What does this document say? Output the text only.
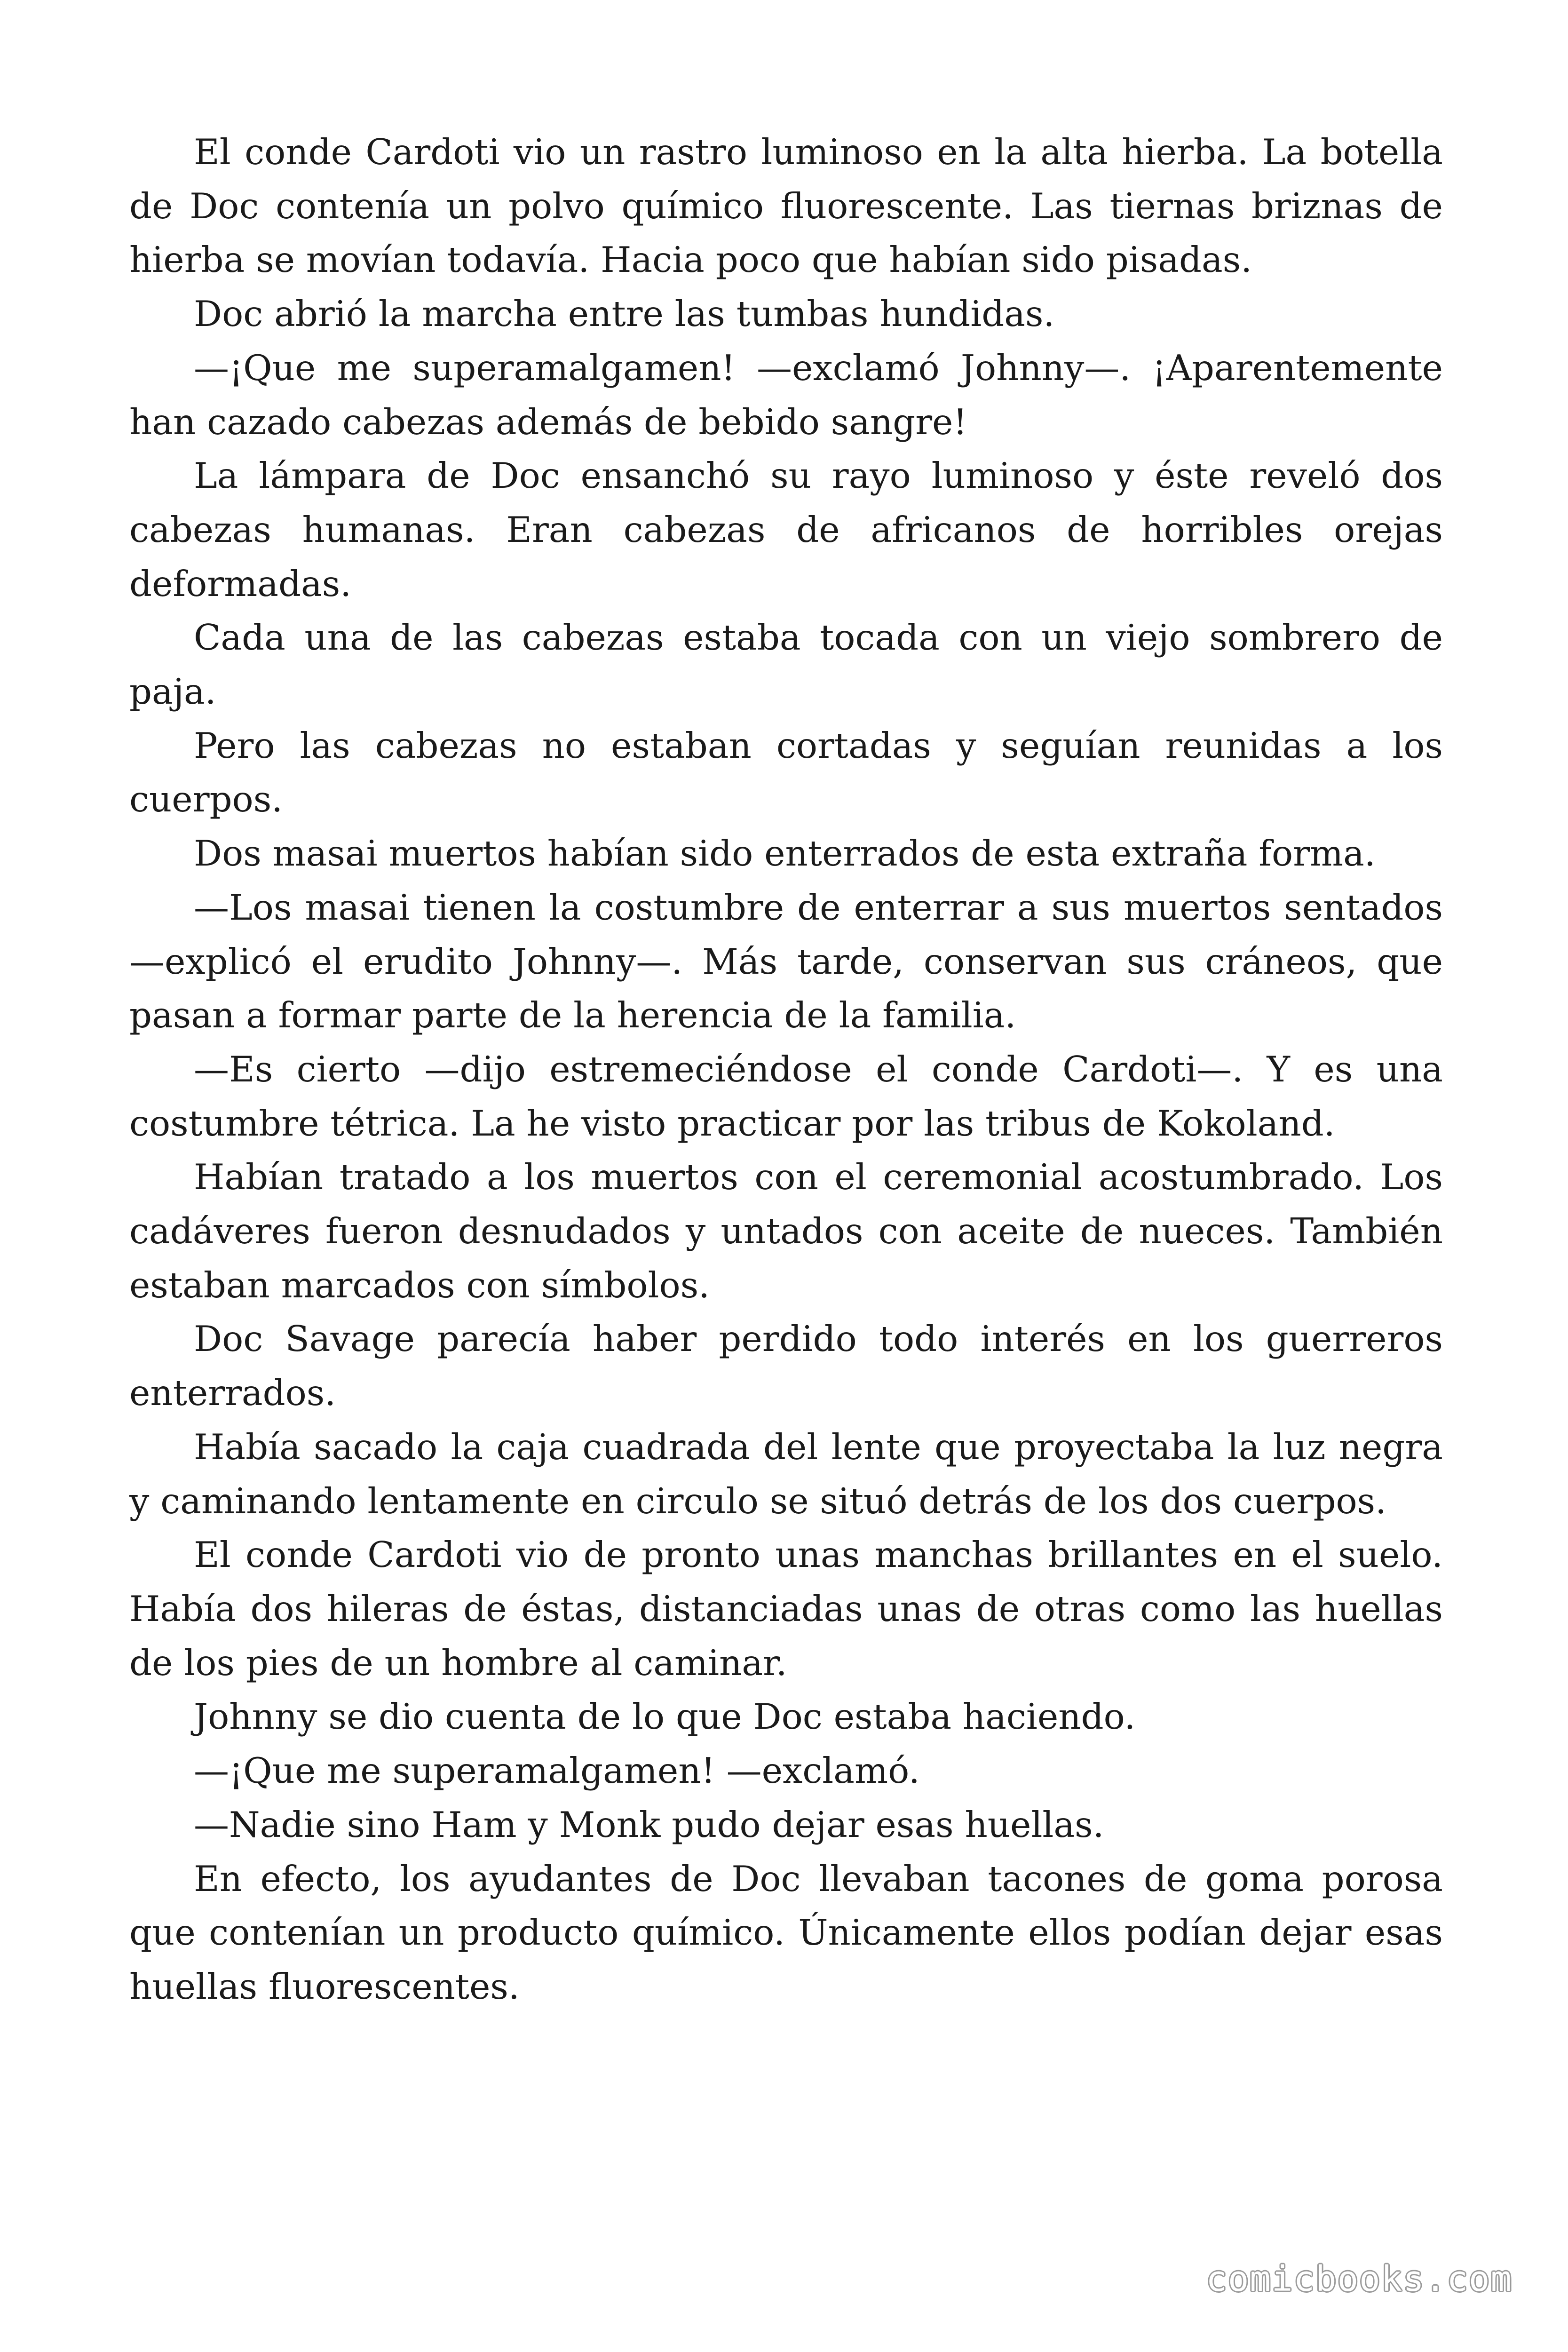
El conde Cardoti vio un rastro luminoso en la alta hierba. La botella de Doc contenía un polvo químico fluorescente. Las tiernas briznas de hierba se movían todavía. Hacia poco que habían sido pisadas.

Doc abrió la marcha entre las tumbas hundidas.

—¡Que me superamalgamen! —exclamó Johnny—. ¡Aparentemente han cazado cabezas además de bebido sangre!

La lámpara de Doc ensanchó su rayo luminoso y éste reveló dos cabezas humanas. Eran cabezas de africanos de horribles orejas deformadas.

Cada una de las cabezas estaba tocada con un viejo sombrero de paja.

Pero las cabezas no estaban cortadas y seguían reunidas a los cuerpos.

Dos masai muertos habían sido enterrados de esta extraña forma.

—Los masai tienen la costumbre de enterrar a sus muertos sentados —explicó el erudito Johnny—. Más tarde, conservan sus cráneos, que pasan a formar parte de la herencia de la familia.

—Es cierto —dijo estremeciéndose el conde Cardoti—. Y es una costumbre tétrica. La he visto practicar por las tribus de Kokoland.

Habían tratado a los muertos con el ceremonial acostumbrado. Los cadáveres fueron desnudados y untados con aceite de nueces. También estaban marcados con símbolos.

Doc Savage parecía haber perdido todo interés en los guerreros enterrados.

Había sacado la caja cuadrada del lente que proyectaba la luz negra y caminando lentamente en circulo se situó detrás de los dos cuerpos.

El conde Cardoti vio de pronto unas manchas brillantes en el suelo. Había dos hileras de éstas, distanciadas unas de otras como las huellas de los pies de un hombre al caminar.

Johnny se dio cuenta de lo que Doc estaba haciendo.

—¡Que me superamalgamen! —exclamó.

—Nadie sino Ham y Monk pudo dejar esas huellas.

En efecto, los ayudantes de Doc llevaban tacones de goma porosa que contenían un producto químico. Únicamente ellos podían dejar esas huellas fluorescentes.

comicbooks.com
